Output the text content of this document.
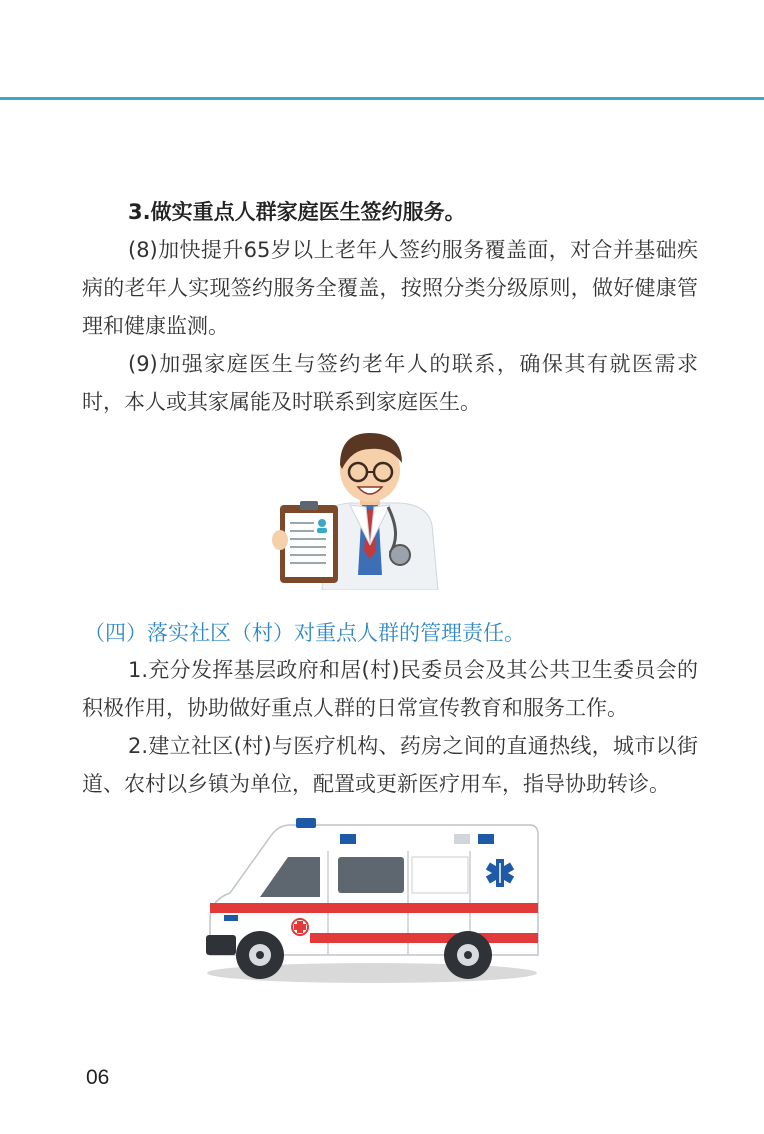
3.做实重点人群家庭医生签约服务。

(8)加快提升65岁以上老年人签约服务覆盖面，对合并基础疾病的老年人实现签约服务全覆盖，按照分类分级原则，做好健康管理和健康监测。

(9)加强家庭医生与签约老年人的联系，确保其有就医需求时，本人或其家属能及时联系到家庭医生。

（四）落实社区（村）对重点人群的管理责任。

1.充分发挥基层政府和居(村)民委员会及其公共卫生委员会的积极作用，协助做好重点人群的日常宣传教育和服务工作。

2.建立社区(村)与医疗机构、药房之间的直通热线，城市以街道、农村以乡镇为单位，配置或更新医疗用车，指导协助转诊。

06
